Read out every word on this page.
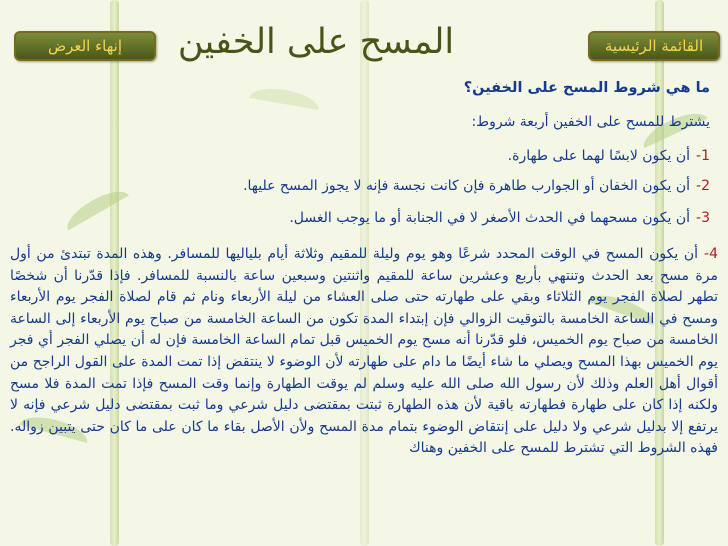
القائمة الرئيسية
إنهاء العرض	المسح على الخفين
ما هي شروط المسح على الخفين؟
يشترط للمسح على الخفين أربعة شروط:
1-أن يكون لابسًا لهما على طهارة.
2-أن يكون الخفان أو الجوارب طاهرة فإن كانت نجسة فإنه لا يجوز المسح عليها.
3-أن يكون مسحهما في الحدث الأصغر لا في الجنابة أو ما يوجب الغسل.
4-أن يكون المسح في الوقت المحدد شرعًا وهو يوم وليلة للمقيم وثلاثة أيام بلياليها للمسافر. وهذه المدة تبتدئ من أول مرة مسح بعد الحدث وتنتهي بأربع وعشرين ساعة للمقيم واثنتين وسبعين ساعة بالنسبة للمسافر. فإذا قدّرنا أن شخصًا تطهر لصلاة الفجر يوم الثلاثاء وبقي على طهارته حتى صلى العشاء من ليلة الأربعاء ونام ثم قام لصلاة الفجر يوم الأربعاء ومسح في الساعة الخامسة بالتوقيت الزوالي فإن إبتداء المدة تكون من الساعة الخامسة من صباح يوم الأربعاء إلى الساعة الخامسة من صباح يوم الخميس، فلو قدّرنا أنه مسح يوم الخميس قبل تمام الساعة الخامسة فإن له أن يصلي الفجر أي فجر يوم الخميس بهذا المسح ويصلي ما شاء أيضًا ما دام على طهارته لأن الوضوء لا ينتقض إذا تمت المدة على القول الراجح من أقوال أهل العلم وذلك لأن رسول الله صلى الله عليه وسلم لم يوقت الطهارة وإنما وقت المسح فإذا تمت المدة فلا مسح ولكنه إذا كان على طهارة فطهارته باقية لأن هذه الطهارة ثبتت بمقتضى دليل شرعي وما ثبت بمقتضى دليل شرعي فإنه لا يرتفع إلا بدليل شرعي ولا دليل على إنتقاض الوضوء بتمام مدة المسح ولأن الأصل بقاء ما كان على ما كان حتى يتبين زواله. فهذه الشروط التي تشترط للمسح على الخفين وهناك
